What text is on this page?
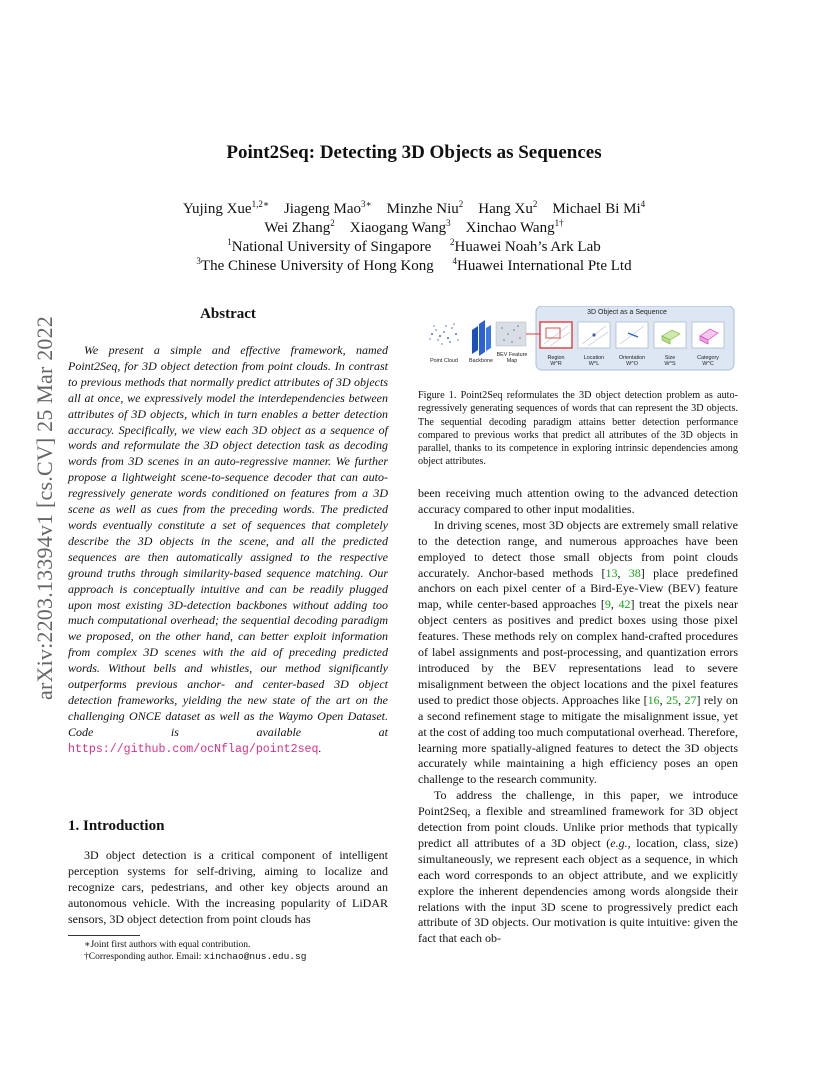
arXiv:2203.13394v1 [cs.CV] 25 Mar 2022
Point2Seq: Detecting 3D Objects as Sequences
Yujing Xue$^{1,2∗}$ Jiageng Mao$^{3∗}$ Minzhe Niu$^2$ Hang Xu$^2$ Michael Bi Mi$^4$
Wei Zhang$^2$ Xiaogang Wang$^3$ Xinchao Wang$^{1\dagger}$
$^1$National University of Singapore $^2$Huawei Noah’s Ark Lab
$^3$The Chinese University of Hong Kong $^4$Huawei International Pte Ltd
Abstract
We present a simple and effective framework, named Point2Seq, for 3D object detection from point clouds. In contrast to previous methods that normally predict attributes of 3D objects all at once, we expressively model the interdependencies between attributes of 3D objects, which in turn enables a better detection accuracy. Specifically, we view each 3D object as a sequence of words and reformulate the 3D object detection task as decoding words from 3D scenes in an auto-regressive manner. We further propose a lightweight scene-to-sequence decoder that can auto-regressively generate words conditioned on features from a 3D scene as well as cues from the preceding words. The predicted words eventually constitute a set of sequences that completely describe the 3D objects in the scene, and all the predicted sequences are then automatically assigned to the respective ground truths through similarity-based sequence matching. Our approach is conceptually intuitive and can be readily plugged upon most existing 3D-detection backbones without adding too much computational overhead; the sequential decoding paradigm we proposed, on the other hand, can better exploit information from complex 3D scenes with the aid of preceding predicted words. Without bells and whistles, our method significantly outperforms previous anchor- and center-based 3D object detection frameworks, yielding the new state of the art on the challenging ONCE dataset as well as the Waymo Open Dataset. Code is available at https://github.com/ocNflag/point2seq.
1. Introduction
3D object detection is a critical component of intelligent perception systems for self-driving, aiming to localize and recognize cars, pedestrians, and other key objects around an autonomous vehicle. With the increasing popularity of LiDAR sensors, 3D object detection from point clouds has
∗Joint first authors with equal contribution.
†Corresponding author. Email: xinchao@nus.edu.sg
3D Object as a Sequence
Point Cloud	Backbone
BEV Feature Map	Region
W^R
Location
W^L
Orientation
W^O
Size
W^S
Category
W^C
Figure 1. Point2Seq reformulates the 3D object detection problem as auto-regressively generating sequences of words that can represent the 3D objects. The sequential decoding paradigm attains better detection performance compared to previous works that predict all attributes of the 3D objects in parallel, thanks to its competence in exploring intrinsic dependencies among object attributes.

been receiving much attention owing to the advanced detection accuracy compared to other input modalities.

In driving scenes, most 3D objects are extremely small relative to the detection range, and numerous approaches have been employed to detect those small objects from point clouds accurately. Anchor-based methods [13, 38] place predefined anchors on each pixel center of a Bird-Eye-View (BEV) feature map, while center-based approaches [9, 42] treat the pixels near object centers as positives and predict boxes using those pixel features. These methods rely on complex hand-crafted procedures of label assignments and post-processing, and quantization errors introduced by the BEV representations lead to severe misalignment between the object locations and the pixel features used to predict those objects. Approaches like [16, 25, 27] rely on a second refinement stage to mitigate the misalignment issue, yet at the cost of adding too much computational overhead. Therefore, learning more spatially-aligned features to detect the 3D objects accurately while maintaining a high efficiency poses an open challenge to the research community.

To address the challenge, in this paper, we introduce Point2Seq, a flexible and streamlined framework for 3D object detection from point clouds. Unlike prior methods that typically predict all attributes of a 3D object (e.g., location, class, size) simultaneously, we represent each object as a sequence, in which each word corresponds to an object attribute, and we explicitly explore the inherent dependencies among words alongside their relations with the input 3D scene to progressively predict each attribute of 3D objects. Our motivation is quite intuitive: given the fact that each ob-
